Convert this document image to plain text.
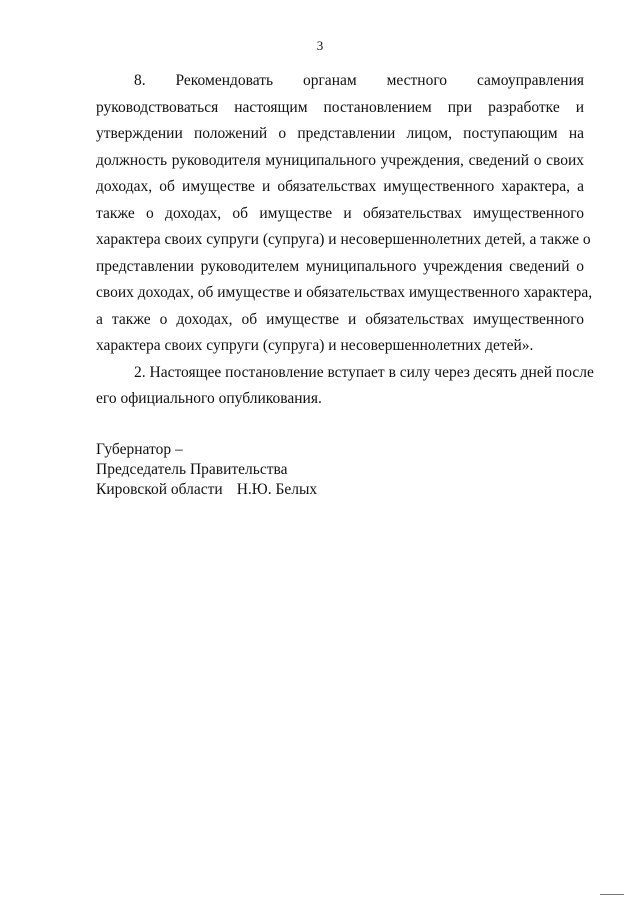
3
8. Рекомендовать органам местного самоуправления
руководствоваться настоящим постановлением при разработке и
утверждении положений о представлении лицом, поступающим на
должность руководителя муниципального учреждения, сведений о своих
доходах, об имуществе и обязательствах имущественного характера, а
также о доходах, об имуществе и обязательствах имущественного
характера своих супруги (супруга) и несовершеннолетних детей, а также о
представлении руководителем муниципального учреждения сведений о
своих доходах, об имуществе и обязательствах имущественного характера,
а также о доходах, об имуществе и обязательствах имущественного
характера своих супруги (супруга) и несовершеннолетних детей».
2. Настоящее постановление вступает в силу через десять дней после
его официального опубликования.
Губернатор –
Председатель Правительства
Кировской области Н.Ю. Белых
